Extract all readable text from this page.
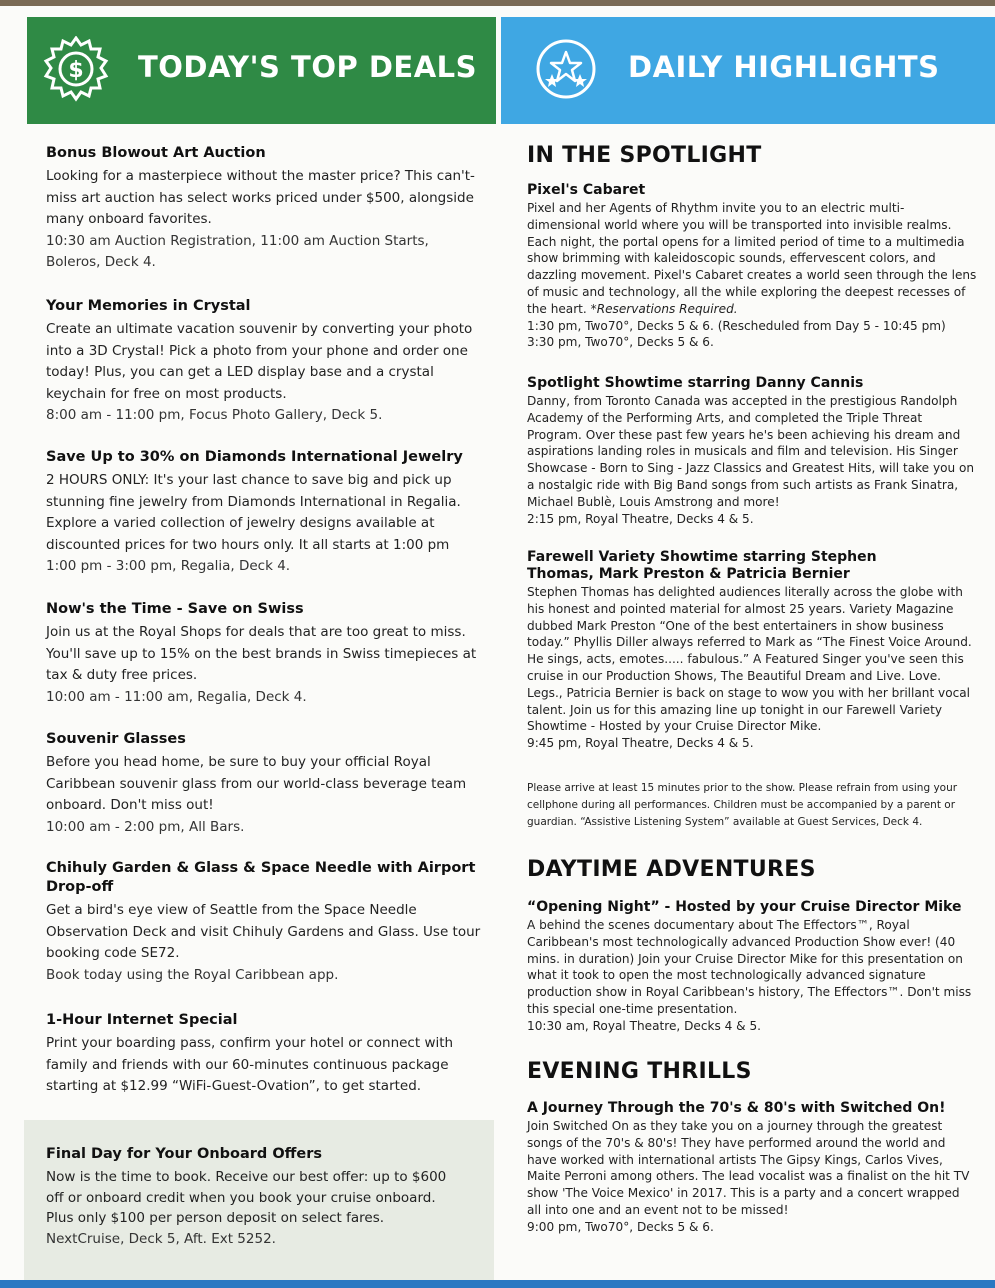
$ TODAY'S TOP DEALS	DAILY HIGHLIGHTS
Bonus Blowout Art Auction

Looking for a masterpiece without the master price? This can't-miss art auction has select works priced under $500, alongside many onboard favorites.

10:30 am Auction Registration, 11:00 am Auction Starts, Boleros, Deck 4.

Your Memories in Crystal

Create an ultimate vacation souvenir by converting your photo into a 3D Crystal! Pick a photo from your phone and order one today! Plus, you can get a LED display base and a crystal keychain for free on most products.

8:00 am - 11:00 pm, Focus Photo Gallery, Deck 5.

Save Up to 30% on Diamonds International Jewelry

2 HOURS ONLY: It's your last chance to save big and pick up stunning fine jewelry from Diamonds International in Regalia. Explore a varied collection of jewelry designs available at discounted prices for two hours only. It all starts at 1:00 pm

1:00 pm - 3:00 pm, Regalia, Deck 4.

Now's the Time - Save on Swiss

Join us at the Royal Shops for deals that are too great to miss. You'll save up to 15% on the best brands in Swiss timepieces at tax & duty free prices.

10:00 am - 11:00 am, Regalia, Deck 4.

Souvenir Glasses

Before you head home, be sure to buy your official Royal Caribbean souvenir glass from our world-class beverage team onboard. Don't miss out!

10:00 am - 2:00 pm, All Bars.

Chihuly Garden & Glass & Space Needle with Airport Drop-off

Get a bird's eye view of Seattle from the Space Needle Observation Deck and visit Chihuly Gardens and Glass. Use tour booking code SE72.

Book today using the Royal Caribbean app.

1-Hour Internet Special

Print your boarding pass, confirm your hotel or connect with family and friends with our 60-minutes continuous package starting at $12.99 “WiFi-Guest-Ovation”, to get started.

Final Day for Your Onboard Offers

Now is the time to book. Receive our best offer: up to $600 off or onboard credit when you book your cruise onboard. Plus only $100 per person deposit on select fares.

NextCruise, Deck 5, Aft. Ext 5252.

IN THE SPOTLIGHT
Pixel's Cabaret

Pixel and her Agents of Rhythm invite you to an electric multi-dimensional world where you will be transported into invisible realms. Each night, the portal opens for a limited period of time to a multimedia show brimming with kaleidoscopic sounds, effervescent colors, and dazzling movement. Pixel's Cabaret creates a world seen through the lens of music and technology, all the while exploring the deepest recesses of the heart. *Reservations Required.

1:30 pm, Two70°, Decks 5 & 6. (Rescheduled from Day 5 - 10:45 pm)

3:30 pm, Two70°, Decks 5 & 6.

Spotlight Showtime starring Danny Cannis

Danny, from Toronto Canada was accepted in the prestigious Randolph Academy of the Performing Arts, and completed the Triple Threat Program. Over these past few years he's been achieving his dream and aspirations landing roles in musicals and film and television. His Singer Showcase - Born to Sing - Jazz Classics and Greatest Hits, will take you on a nostalgic ride with Big Band songs from such artists as Frank Sinatra, Michael Bublè, Louis Amstrong and more!

2:15 pm, Royal Theatre, Decks 4 & 5.

Farewell Variety Showtime starring Stephen Thomas, Mark Preston & Patricia Bernier

Stephen Thomas has delighted audiences literally across the globe with his honest and pointed material for almost 25 years. Variety Magazine dubbed Mark Preston “One of the best entertainers in show business today.” Phyllis Diller always referred to Mark as “The Finest Voice Around. He sings, acts, emotes..... fabulous.” A Featured Singer you've seen this cruise in our Production Shows, The Beautiful Dream and Live. Love. Legs., Patricia Bernier is back on stage to wow you with her brillant vocal talent. Join us for this amazing line up tonight in our Farewell Variety Showtime - Hosted by your Cruise Director Mike.

9:45 pm, Royal Theatre, Decks 4 & 5.

Please arrive at least 15 minutes prior to the show. Please refrain from using your cellphone during all performances. Children must be accompanied by a parent or guardian. “Assistive Listening System” available at Guest Services, Deck 4.
DAYTIME ADVENTURES
“Opening Night” - Hosted by your Cruise Director Mike

A behind the scenes documentary about The Effectors™, Royal Caribbean's most technologically advanced Production Show ever! (40 mins. in duration) Join your Cruise Director Mike for this presentation on what it took to open the most technologically advanced signature production show in Royal Caribbean's history, The Effectors™. Don't miss this special one-time presentation.

10:30 am, Royal Theatre, Decks 4 & 5.

EVENING THRILLS
A Journey Through the 70's & 80's with Switched On!

Join Switched On as they take you on a journey through the greatest songs of the 70's & 80's! They have performed around the world and have worked with international artists The Gipsy Kings, Carlos Vives, Maite Perroni among others. The lead vocalist was a finalist on the hit TV show 'The Voice Mexico' in 2017. This is a party and a concert wrapped all into one and an event not to be missed!

9:00 pm, Two70°, Decks 5 & 6.
